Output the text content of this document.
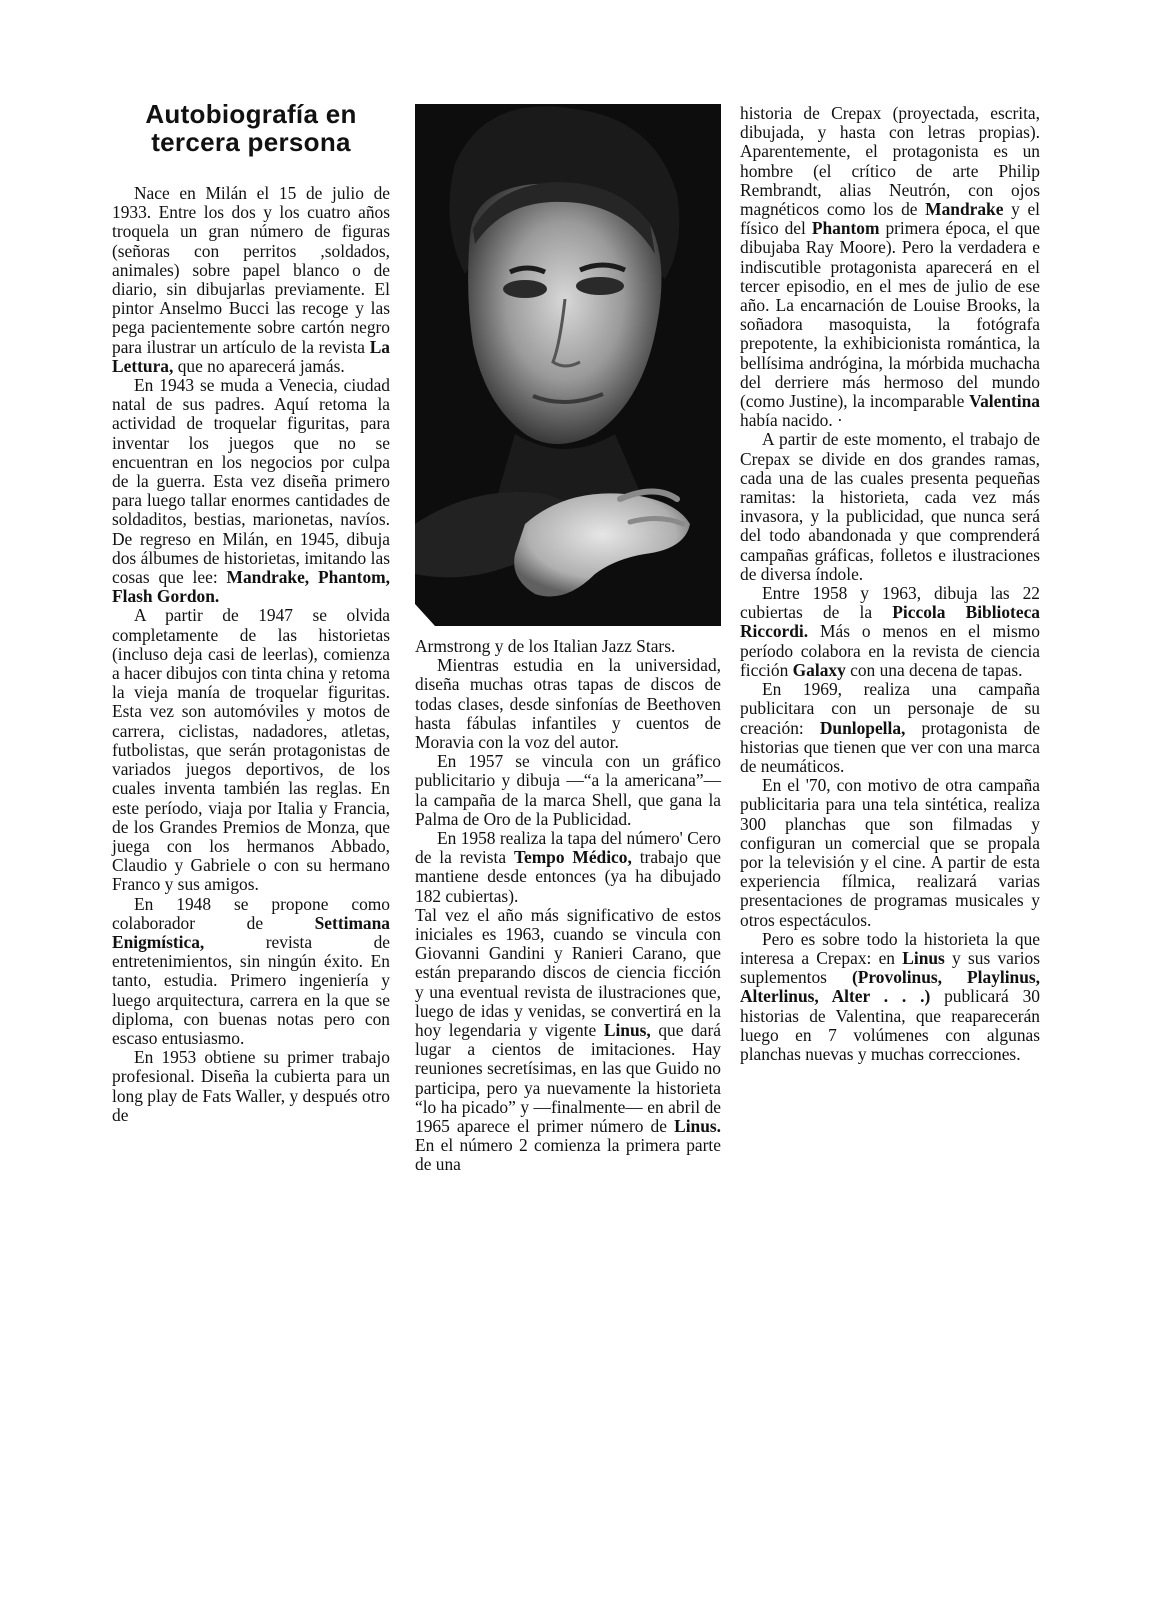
Autobiografía en tercera persona

Nace en Milán el 15 de julio de 1933. Entre los dos y los cuatro años troquela un gran número de figuras (señoras con perritos ,soldados, animales) sobre papel blanco o de diario, sin dibujarlas previamente. El pintor Anselmo Bucci las recoge y las pega pacientemente sobre cartón negro para ilustrar un artículo de la revista La Lettura, que no aparecerá jamás.

En 1943 se muda a Venecia, ciudad natal de sus padres. Aquí retoma la actividad de troquelar figuritas, para inventar los juegos que no se encuentran en los negocios por culpa de la guerra. Esta vez diseña primero para luego tallar enormes cantidades de soldaditos, bestias, marionetas, navíos. De regreso en Milán, en 1945, dibuja dos álbumes de historietas, imitando las cosas que lee: Mandrake, Phantom, Flash Gordon.

A partir de 1947 se olvida completamente de las historietas (incluso deja casi de leerlas), comienza a hacer dibujos con tinta china y retoma la vieja manía de troquelar figuritas. Esta vez son automóviles y motos de carrera, ciclistas, nadadores, atletas, futbolistas, que serán protagonistas de variados juegos deportivos, de los cuales inventa también las reglas. En este período, viaja por Italia y Francia, de los Grandes Premios de Monza, que juega con los hermanos Abbado, Claudio y Gabriele o con su hermano Franco y sus amigos.

En 1948 se propone como colaborador de Settimana Enigmística, revista de entretenimientos, sin ningún éxito. En tanto, estudia. Primero ingeniería y luego arquitectura, carrera en la que se diploma, con buenas notas pero con escaso entusiasmo.

En 1953 obtiene su primer trabajo profesional. Diseña la cubierta para un long play de Fats Waller, y después otro de

Armstrong y de los Italian Jazz Stars.

Mientras estudia en la universidad, diseña muchas otras tapas de discos de todas clases, desde sinfonías de Beethoven hasta fábulas infantiles y cuentos de Moravia con la voz del autor.

En 1957 se vincula con un gráfico publicitario y dibuja —“a la americana”— la campaña de la marca Shell, que gana la Palma de Oro de la Publicidad.

En 1958 realiza la tapa del número' Cero de la revista Tempo Médico, trabajo que mantiene desde entonces (ya ha dibujado 182 cubiertas).

Tal vez el año más significativo de estos iniciales es 1963, cuando se vincula con Giovanni Gandini y Ranieri Carano, que están preparando discos de ciencia ficción y una eventual revista de ilustraciones que, luego de idas y venidas, se convertirá en la hoy legendaria y vigente Linus, que dará lugar a cientos de imitaciones. Hay reuniones secretísimas, en las que Guido no participa, pero ya nuevamente la historieta “lo ha picado” y —finalmente— en abril de 1965 aparece el primer número de Linus. En el número 2 comienza la primera parte de una

historia de Crepax (proyectada, escrita, dibujada, y hasta con letras propias). Aparentemente, el protagonista es un hombre (el crítico de arte Philip Rembrandt, alias Neutrón, con ojos magnéticos como los de Mandrake y el físico del Phantom primera época, el que dibujaba Ray Moore). Pero la verdadera e indiscutible protagonista aparecerá en el tercer episodio, en el mes de julio de ese año. La encarnación de Louise Brooks, la soñadora masoquista, la fotógrafa prepotente, la exhibicionista romántica, la bellísima andrógina, la mórbida muchacha del derriere más hermoso del mundo (como Justine), la incomparable Valentina había nacido. ·

A partir de este momento, el trabajo de Crepax se divide en dos grandes ramas, cada una de las cuales presenta pequeñas ramitas: la historieta, cada vez más invasora, y la publicidad, que nunca será del todo abandonada y que comprenderá campañas gráficas, folletos e ilustraciones de diversa índole.

Entre 1958 y 1963, dibuja las 22 cubiertas de la Piccola Biblioteca Riccordi. Más o menos en el mismo período colabora en la revista de ciencia ficción Galaxy con una decena de tapas.

En 1969, realiza una campaña publicitara con un personaje de su creación: Dunlopella, protagonista de historias que tienen que ver con una marca de neumáticos.

En el '70, con motivo de otra campaña publicitaria para una tela sintética, realiza 300 planchas que son filmadas y configuran un comercial que se propala por la televisión y el cine. A partir de esta experiencia fílmica, realizará varias presentaciones de programas musicales y otros espectáculos.

Pero es sobre todo la historieta la que interesa a Crepax: en Linus y sus varios suplementos (Provolinus, Playlinus, Alterlinus, Alter . . .) publicará 30 historias de Valentina, que reaparecerán luego en 7 volúmenes con algunas planchas nuevas y muchas correcciones.
